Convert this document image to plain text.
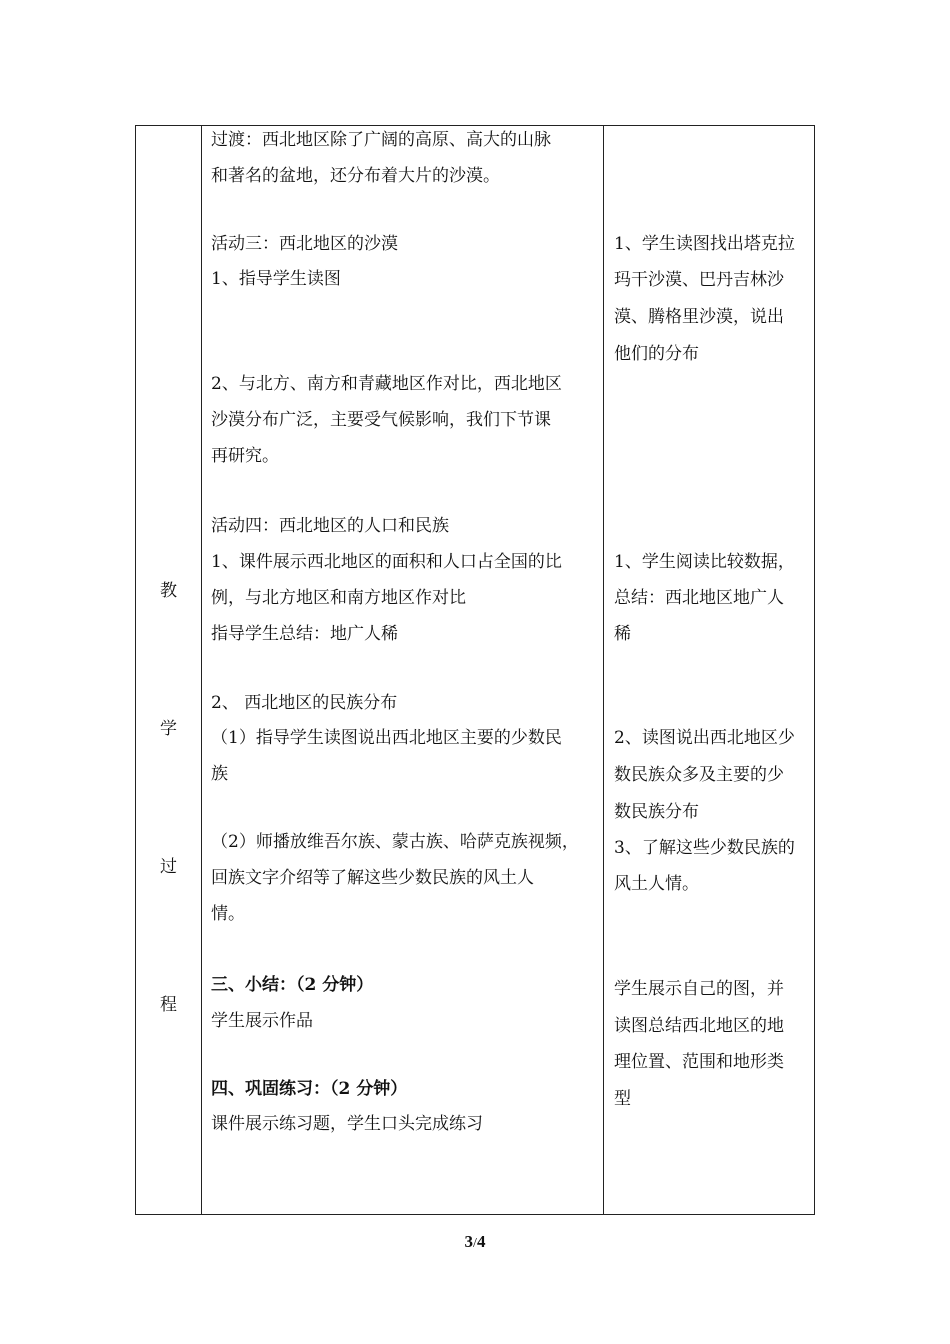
教
学
过
程
过渡：西北地区除了广阔的高原、高大的山脉
和著名的盆地，还分布着大片的沙漠。
活动三：西北地区的沙漠
1、指导学生读图
2、与北方、南方和青藏地区作对比，西北地区
沙漠分布广泛，主要受气候影响，我们下节课
再研究。
活动四：西北地区的人口和民族
1、课件展示西北地区的面积和人口占全国的比
例，与北方地区和南方地区作对比
指导学生总结：地广人稀
2、 西北地区的民族分布
（1）指导学生读图说出西北地区主要的少数民
族
（2）师播放维吾尔族、蒙古族、哈萨克族视频，
回族文字介绍等了解这些少数民族的风土人
情。
三、小结：（2 分钟）
学生展示作品
四、巩固练习：（2 分钟）
课件展示练习题，学生口头完成练习
1、学生读图找出塔克拉
玛干沙漠、巴丹吉林沙
漠、腾格里沙漠，说出
他们的分布
1、学生阅读比较数据，
总结：西北地区地广人
稀
2、读图说出西北地区少
数民族众多及主要的少
数民族分布
3、了解这些少数民族的
风土人情。
学生展示自己的图，并
读图总结西北地区的地
理位置、范围和地形类
型
3/4
